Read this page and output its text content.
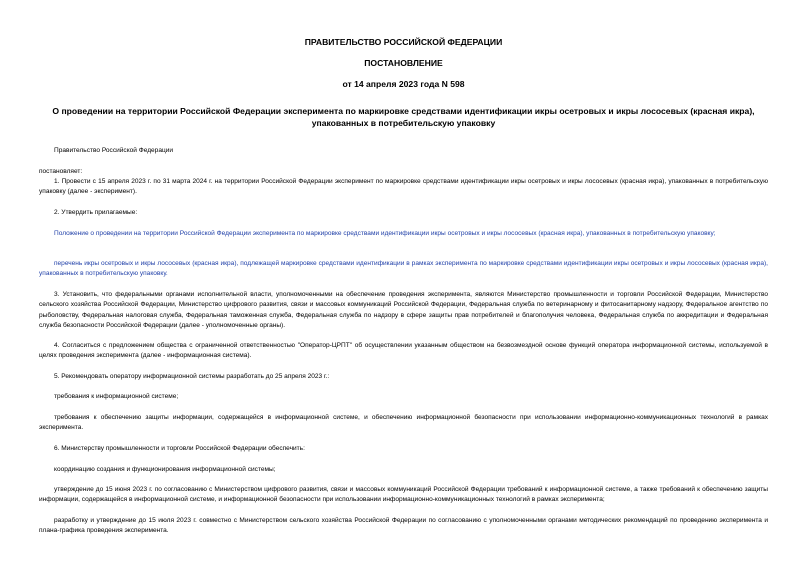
ПРАВИТЕЛЬСТВО РОССИЙСКОЙ ФЕДЕРАЦИИ
ПОСТАНОВЛЕНИЕ
от 14 апреля 2023 года N 598
О проведении на территории Российской Федерации эксперимента по маркировке средствами идентификации икры осетровых и икры лососевых (красная икра), упакованных в потребительскую упаковку
Правительство Российской Федерации
постановляет:
1. Провести с 15 апреля 2023 г. по 31 марта 2024 г. на территории Российской Федерации эксперимент по маркировке средствами идентификации икры осетровых и икры лососевых (красная икра), упакованных в потребительскую упаковку (далее - эксперимент).
2. Утвердить прилагаемые:
Положение о проведении на территории Российской Федерации эксперимента по маркировке средствами идентификации икры осетровых и икры лососевых (красная икра), упакованных в потребительскую упаковку;
перечень икры осетровых и икры лососевых (красная икра), подлежащей маркировке средствами идентификации в рамках эксперимента по маркировке средствами идентификации икры осетровых и икры лососевых (красная икра), упакованных в потребительскую упаковку.
3. Установить, что федеральными органами исполнительной власти, уполномоченными на обеспечение проведения эксперимента, являются Министерство промышленности и торговли Российской Федерации, Министерство сельского хозяйства Российской Федерации, Министерство цифрового развития, связи и массовых коммуникаций Российской Федерации, Федеральная служба по ветеринарному и фитосанитарному надзору, Федеральное агентство по рыболовству, Федеральная налоговая служба, Федеральная таможенная служба, Федеральная служба по надзору в сфере защиты прав потребителей и благополучия человека, Федеральная служба по аккредитации и Федеральная служба безопасности Российской Федерации (далее - уполномоченные органы).
4. Согласиться с предложением общества с ограниченной ответственностью "Оператор-ЦРПТ" об осуществлении указанным обществом на безвозмездной основе функций оператора информационной системы, используемой в целях проведения эксперимента (далее - информационная система).
5. Рекомендовать оператору информационной системы разработать до 25 апреля 2023 г.:
требования к информационной системе;
требования к обеспечению защиты информации, содержащейся в информационной системе, и обеспечению информационной безопасности при использовании информационно-коммуникационных технологий в рамках эксперимента.
6. Министерству промышленности и торговли Российской Федерации обеспечить:
координацию создания и функционирования информационной системы;
утверждение до 15 июня 2023 г. по согласованию с Министерством цифрового развития, связи и массовых коммуникаций Российской Федерации требований к информационной системе, а также требований к обеспечению защиты информации, содержащейся в информационной системе, и информационной безопасности при использовании информационно-коммуникационных технологий в рамках эксперимента;
разработку и утверждение до 15 июля 2023 г. совместно с Министерством сельского хозяйства Российской Федерации по согласованию с уполномоченными органами методических рекомендаций по проведению эксперимента и плана-графика проведения эксперимента.
